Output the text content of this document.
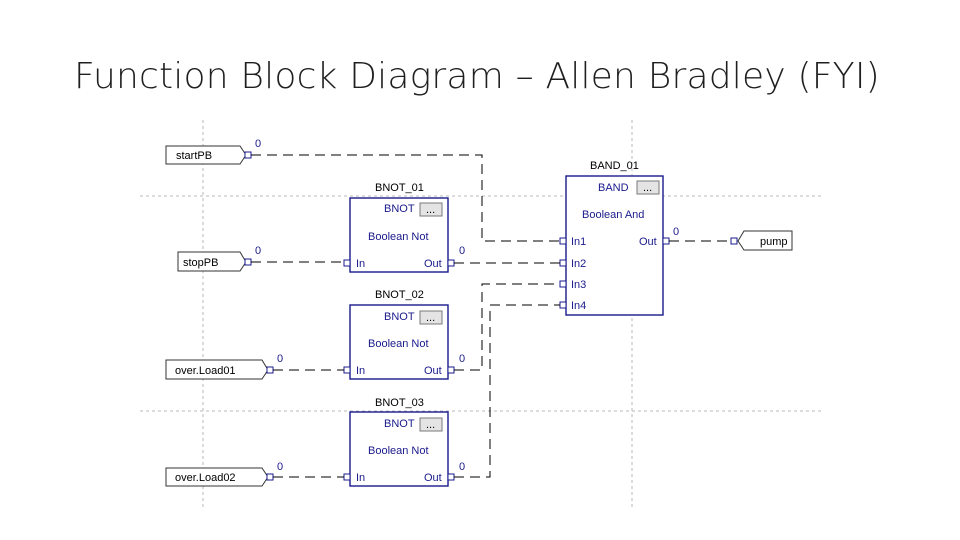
Function Block Diagram – Allen Bradley (FYI)
startPB
0
stopPB
0
over.Load01
0
over.Load02
0
BNOT_01
BNOT ...
Boolean Not
In	Out
0
BNOT_02
BNOT ...
Boolean Not
In	Out
0
BNOT_03
BNOT ...
Boolean Not
In	Out
0
BAND_01
BAND ...
Boolean And
In1
In2
In3
In4
Out
0
pump
